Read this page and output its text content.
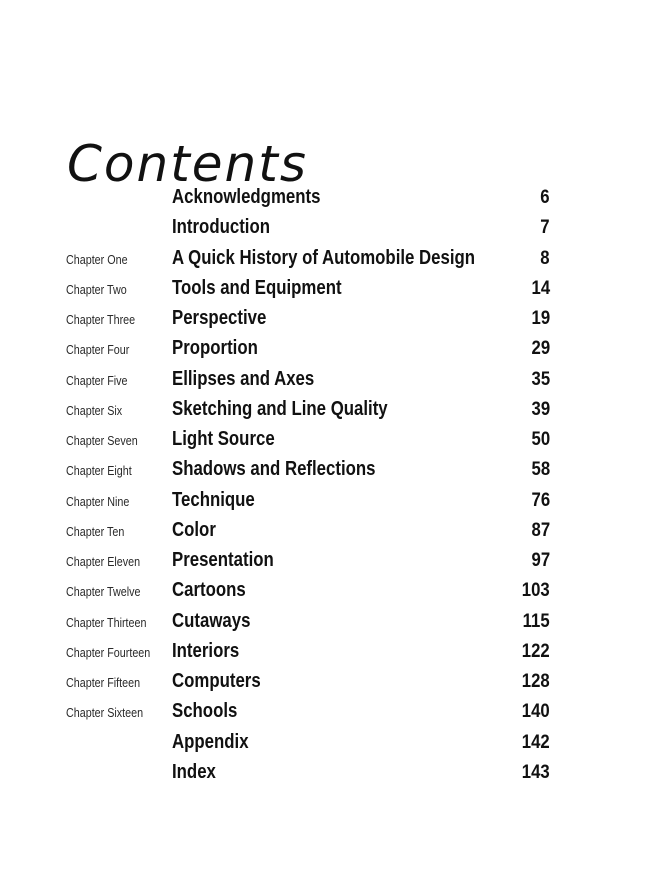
Contents
Acknowledgments	6
Introduction	7
Chapter One A Quick History of Automobile Design	8
Chapter Two Tools and Equipment	14
Chapter Three Perspective	19
Chapter Four Proportion	29
Chapter Five Ellipses and Axes	35
Chapter Six Sketching and Line Quality	39
Chapter Seven Light Source	50
Chapter Eight Shadows and Reflections	58
Chapter Nine Technique	76
Chapter Ten Color	87
Chapter Eleven Presentation	97
Chapter Twelve Cartoons	103
Chapter Thirteen Cutaways	115
Chapter Fourteen Interiors	122
Chapter Fifteen Computers	128
Chapter Sixteen Schools	140
Appendix	142
Index	143
